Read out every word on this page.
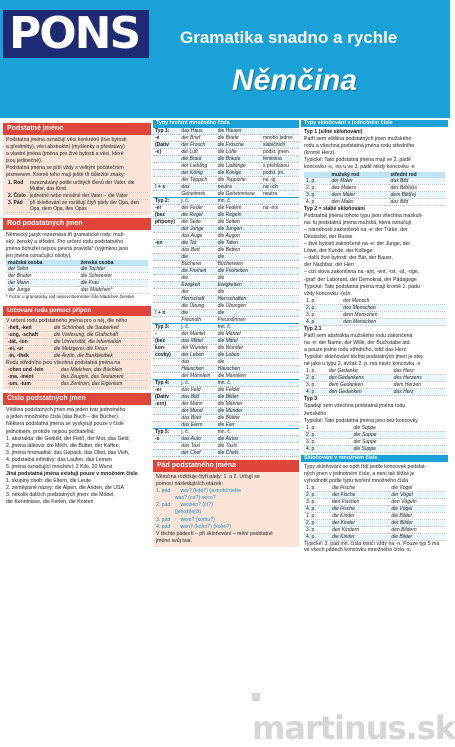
PONS	Gramatika snadno a rychle
Němčina
Podstatné jméno

Podstatná jména označují věci konkrétní (live bytosti

a předměty), věci abstraktní (myšlenky a představy)

a vlastní jména (jména pro živé bytosti a věci, které

jsou jedinečné).

Podstatná jména se píší vždy s velkým počátečním

písmenem. Kromě toho mají ještě tři důležité znaky:

1. Rod	rozeznáváný podle určitých členů der Vater, die Mutter, das Kind
2. Číslo	jednotné nebo množné der Vater – die Väter
3. Pád	při skloňování se rozlišují čtyři pády der Opa, den Opa, dem Opa, des Opas
Rod podstatných jmen

Německý jazyk rozeznává tři gramatické rody: muž-

ský, ženský a střední. Pro určení rodu podstatného

jména bohužel nejsou pevná pravidla* (výjimkou jsou

jen jména označující osoby).

mužská osoba	ženská osoba
der Sohn	die Tochter
der Bruder	die Schwester
der Mann	die Frau
der Junge	das Mädchen*

* Pozor u gramaticky rod nepoví Bernroter šíře Mädchen ženské

Určování rodu pomocí přípon

V určení rodu podstatného jména pro u něj, dle něho

-heit, -keit	die Schönheit, die Sauberkeit
-ung, -schaft	die Vorlesung, die Grafschaft
-tät, -ion	die Universität, die Information
-ei, -ur	die Metzgerei, die Frisur
-in, -thek	die Ärztin, die Bankbiothek

Rodu středního jsou všechna podstatná jména na

-chen und -lein	das Mädchen, das Büchlein
-ma, -ment	das Zeugnis, das Testament
-um, -tum	das Zentrum, das Eigentum
Číslo podstatných jmen

Většina podstatných jmen má jeden tvar jednotného

a jeden množného čísla (das Buch – die Bücher).

Některá podstatná jména se vyskytují pouze v čísle

jednotném, protože nejsou počitatelná:

1. abstrakta: die Geduld, der Fleiß, der Mut, das Geld,

2. jména látková: die Milch, die Butter, der Kaffee,

3. jména hromadná: das Gepäck, das Obst, das Vieh,

4. podstatná infinitivy: das Laufen, das Lernen

5. jména označující množství: 2 Kilo, 20 Wurst

Jiná podstatná jména existují pouze v množném čísle

1. skupiny osob: die Eltern, die Leute

2. zeměpisné názvy: die Alpen, die Anden, die USA

3. několik dalších podstatných jmen: die Möbel,

die Kenntnisse, die Ferien, die Kosten

Typy tvoření množného čísla
Typ 1:	das Haus	die Häuser	
-e	der Brief	die Briefe	mnoho jedno-
(Dativ	der Frosch	die Frösche	slabičních
-e)	die Luft	die Lüfte	podst. jmen
	die Braut	die Bräute	feminina
	der Liebling	die Lieblinge	s přehlasou
	der König	die Könige	podst. jm.
	der Teppich	die Teppiche	na -ig
! + s	das	neutra	na -ich
	Geheimnis	die Geheimnisse	neutra
Typ 2:	j. č.	mn. č.	
-er	der Feder	die Federn	na -nis
(bez	die Regel	die Regeln	
přípony)	die Seite	die Seiten	
	der Junge	die Jungen	
	das Auge	die Augen	
-en	die Tat	die Taten	
	das Bett	die Betten	
	die	die	
	Bücherei	Büchereien	
	die Freiheit	die Freiheiten	
	die	die	
	Ewigkeit	Ewigkeiten	
	der	die	
	Herrschaft	Herrschaften	
	die Übung	die Übungen	
! + n	die	die	
	Freundin	Freundinnen	
Typ 3:	j. č.	mn. č.	
-	der Mantel	die Mäntel	
(bez	das Mittel	die Mittel	
kon-	der Wunder	die Wunder	
covky)	der Leben	die Leben	
	das	die	
	Häuschen	Häuschen	
	der Männlein	die Männlein	
Typ 4:	j. č.	mn. č.	
-er	das Feld	die Felder	
(Dativ	das Bild	die Bilder	
-ern)	der Mann	die Männer	
	der Mund	die Münder	
	das Blatt	die Blätter	
	das Eiern	die Eier	
Typ 5:	j. č.	mn. č.	
-s	das Auto	die Autos	
	das Taxi	die Taxis	
	der Chef	die Chefs	
Pád podstatného jména

Němčina rozlišuje čtyři pády: 1. a 2. Určují se

pomocí následujících otázek:

1. pád       wer? (kdo?) (a mohli nebo

was? (co?) neco?

2. pád       wessen? (čí?)

(jehož/jejíž)

3. pád       wem? (komu?)

4. pád       wen? (koho?) (koho?)

V těchto pádech – při skloňování – mění podstatné

jméno svůj tvar.

Typy skloňování v jednotném čísle

Typ 1 (silné skloňování)

Patří sem většina podstatných jmen mužského

rodu a všechna podstatná jména rodu středního

(kromě Herz).

Typické: Tato podstatná jména mají ve 2. pádě

koncovku -s, -es u ve 3. pádě nikdy koncovku -e

	mužský rod	střední rod
1. p.	der Maler	das Bild
2. p.	des Malers	des Bild(e)s
3. p.	dem Maler	dem Bild(e)
4. p.	den Maler	das Bild

Typ 2 = slabé skloňování

Podstatná jména tohoto typu jsou všechna maskuli-

na: tu podstatná jména mužská, která označují

– národnosti zakončené na -e: der Türke, der

Deutsche, der Russe

– živé bytosti zakončené na -e: der Junge, der

Löwe, der Kunde, der Kollege

– další živé bytosti: der Bär, der Bauer,

der Nachbar, der Herr

– cizí slova zakončená na -ant, -ent, -ist, -at, -oge,

-graf: der Laborant, der Demokrat, der Pädagoge

Typické: Tato podstatná jména mají kromě 1. pádu

vždy koncovku -(e)n.

1. p.	der Mensch
2. p.	des Menschen
3. p.	dem Menschen
4. p.	den Menschen

Typ 2.1

Patří sem abstrakta mužského rodu zakončená

na -e: der Name, der Wille, der Buchstabe atd.

a pouze jedno rodu středního, totiž das Herz.

Typické: skloňování těchto podstatných jmen je stej-

né jako u typu 2, avšak 2. p. má navíc koncovku -s

1. p.	der Gedanke	das Herz
2. p.	des Gedankens	des Herzens
3. p.	dem Gedanken	dem Herzen
4. p.	den Gedanken	das Herz

Typ 3

Spadají sem všechna podstatná jména rodu

ženského.

Typické: Tato podstatná jména jsou bez koncovky

1. p.	die Suppe
2. p.	der Suppe
3. p.	der Suppe
4. p.	die Suppe
Skloňování v množném čísle

Typy skloňování se opět řídí podle koncovek podstat-

ných jmen v jednotném čísle, a není tak těžké je

vyhodnotit podle typu tvoření množného čísla

1. p.	die Fische	die Vögel
2. p.	der Fische	der Vögel
3. p.	den Fischen	den Vögeln
4. p.	die Fische	die Vögel
1. p.	die Kinder	die Bilder
2. p.	der Kinder	der Bilder
3. p.	den Kindern	den Bildern
4. p.	die Kinder	die Bilder

Typické: 3. pád mn. čísla končí vždy na -n. Pouze typ 5 má ve všech pádech koncovku množného čísla -s.

martinus.sk
